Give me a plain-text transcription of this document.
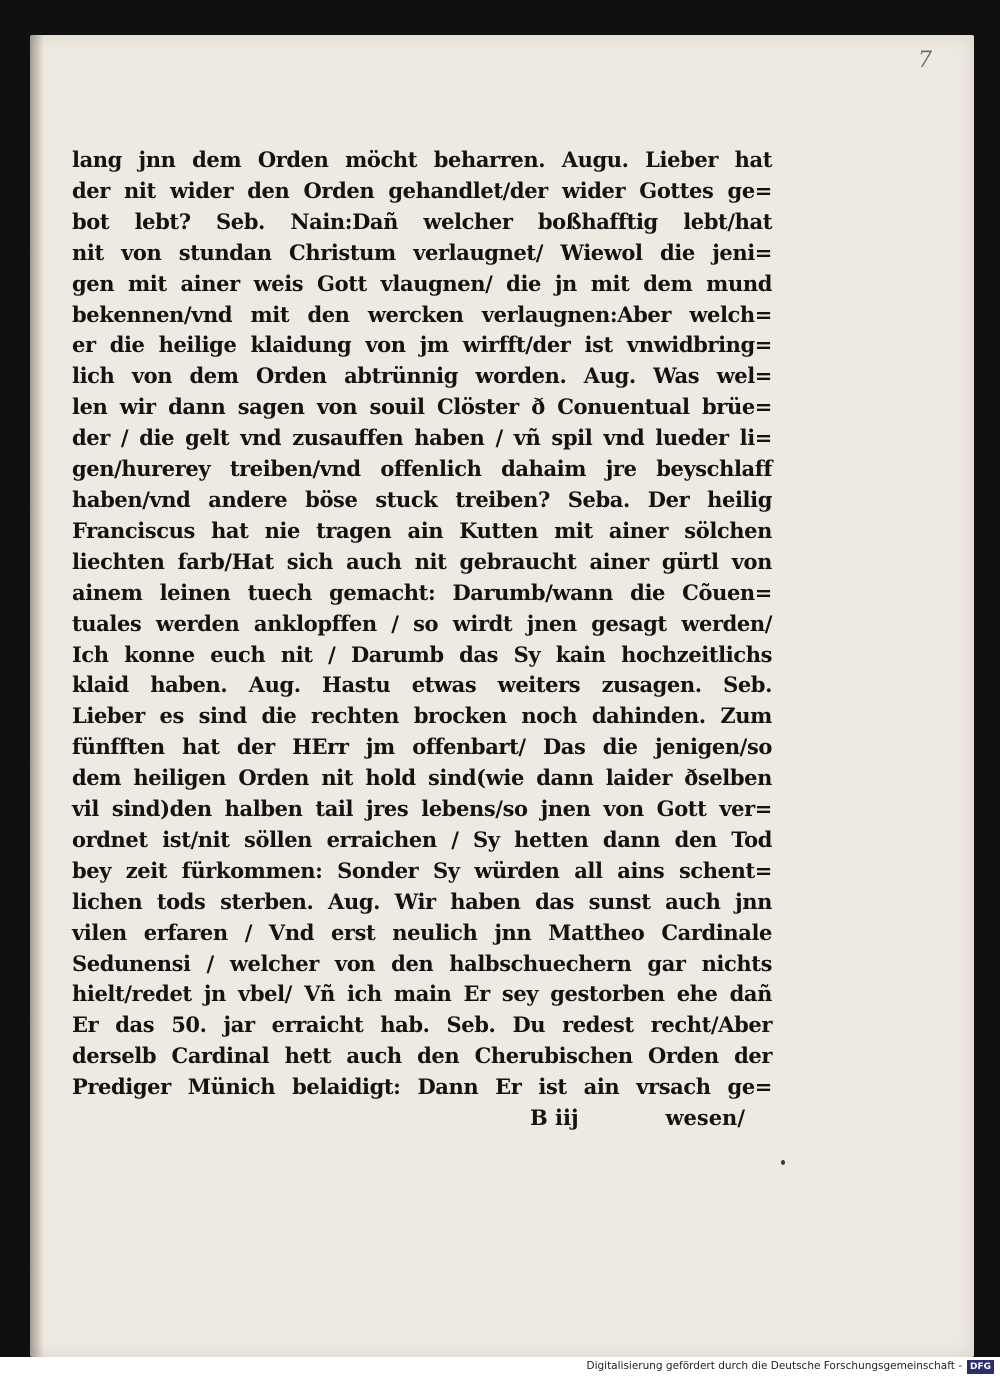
7
lang jnn dem Orden möcht beharren. Augu. Lieber hat
der nit wider den Orden gehandlet/der wider Gottes ge=
bot lebt? Seb. Nain:Dañ welcher boßhafftig lebt/hat
nit von stundan Christum verlaugnet/ Wiewol die jeni=
gen mit ainer weis Gott vlaugnen/ die jn mit dem mund
bekennen/vnd mit den wercken verlaugnen:Aber welch=
er die heilige klaidung von jm wirfft/der ist vnwidbring=
lich von dem Orden abtrünnig worden. Aug. Was wel=
len wir dann sagen von souil Clöster ð Conuentual brüe=
der / die gelt vnd zusauffen haben / vñ spil vnd lueder li=
gen/hurerey treiben/vnd offenlich dahaim jre beyschlaff
haben/vnd andere böse stuck treiben? Seba. Der heilig
Franciscus hat nie tragen ain Kutten mit ainer sölchen
liechten farb/Hat sich auch nit gebraucht ainer gürtl von
ainem leinen tuech gemacht: Darumb/wann die Cõuen=
tuales werden anklopffen / so wirdt jnen gesagt werden/
Ich konne euch nit / Darumb das Sy kain hochzeitlichs
klaid haben. Aug. Hastu etwas weiters zusagen. Seb.
Lieber es sind die rechten brocken noch dahinden. Zum
fünfften hat der HErr jm offenbart/ Das die jenigen/so
dem heiligen Orden nit hold sind(wie dann laider ðselben
vil sind)den halben tail jres lebens/so jnen von Gott ver=
ordnet ist/nit söllen erraichen / Sy hetten dann den Tod
bey zeit fürkommen: Sonder Sy würden all ains schent=
lichen tods sterben. Aug. Wir haben das sunst auch jnn
vilen erfaren / Vnd erst neulich jnn Mattheo Cardinale
Sedunensi / welcher von den halbschuechern gar nichts
hielt/redet jn vbel/ Vñ ich main Er sey gestorben ehe dañ
Er das 50. jar erraicht hab. Seb. Du redest recht/Aber
derselb Cardinal hett auch den Cherubischen Orden der
Prediger Münich belaidigt: Dann Er ist ain vrsach ge=
B iij	wesen/
Digitalisierung gefördert durch die Deutsche Forschungsgemeinschaft - DFG
